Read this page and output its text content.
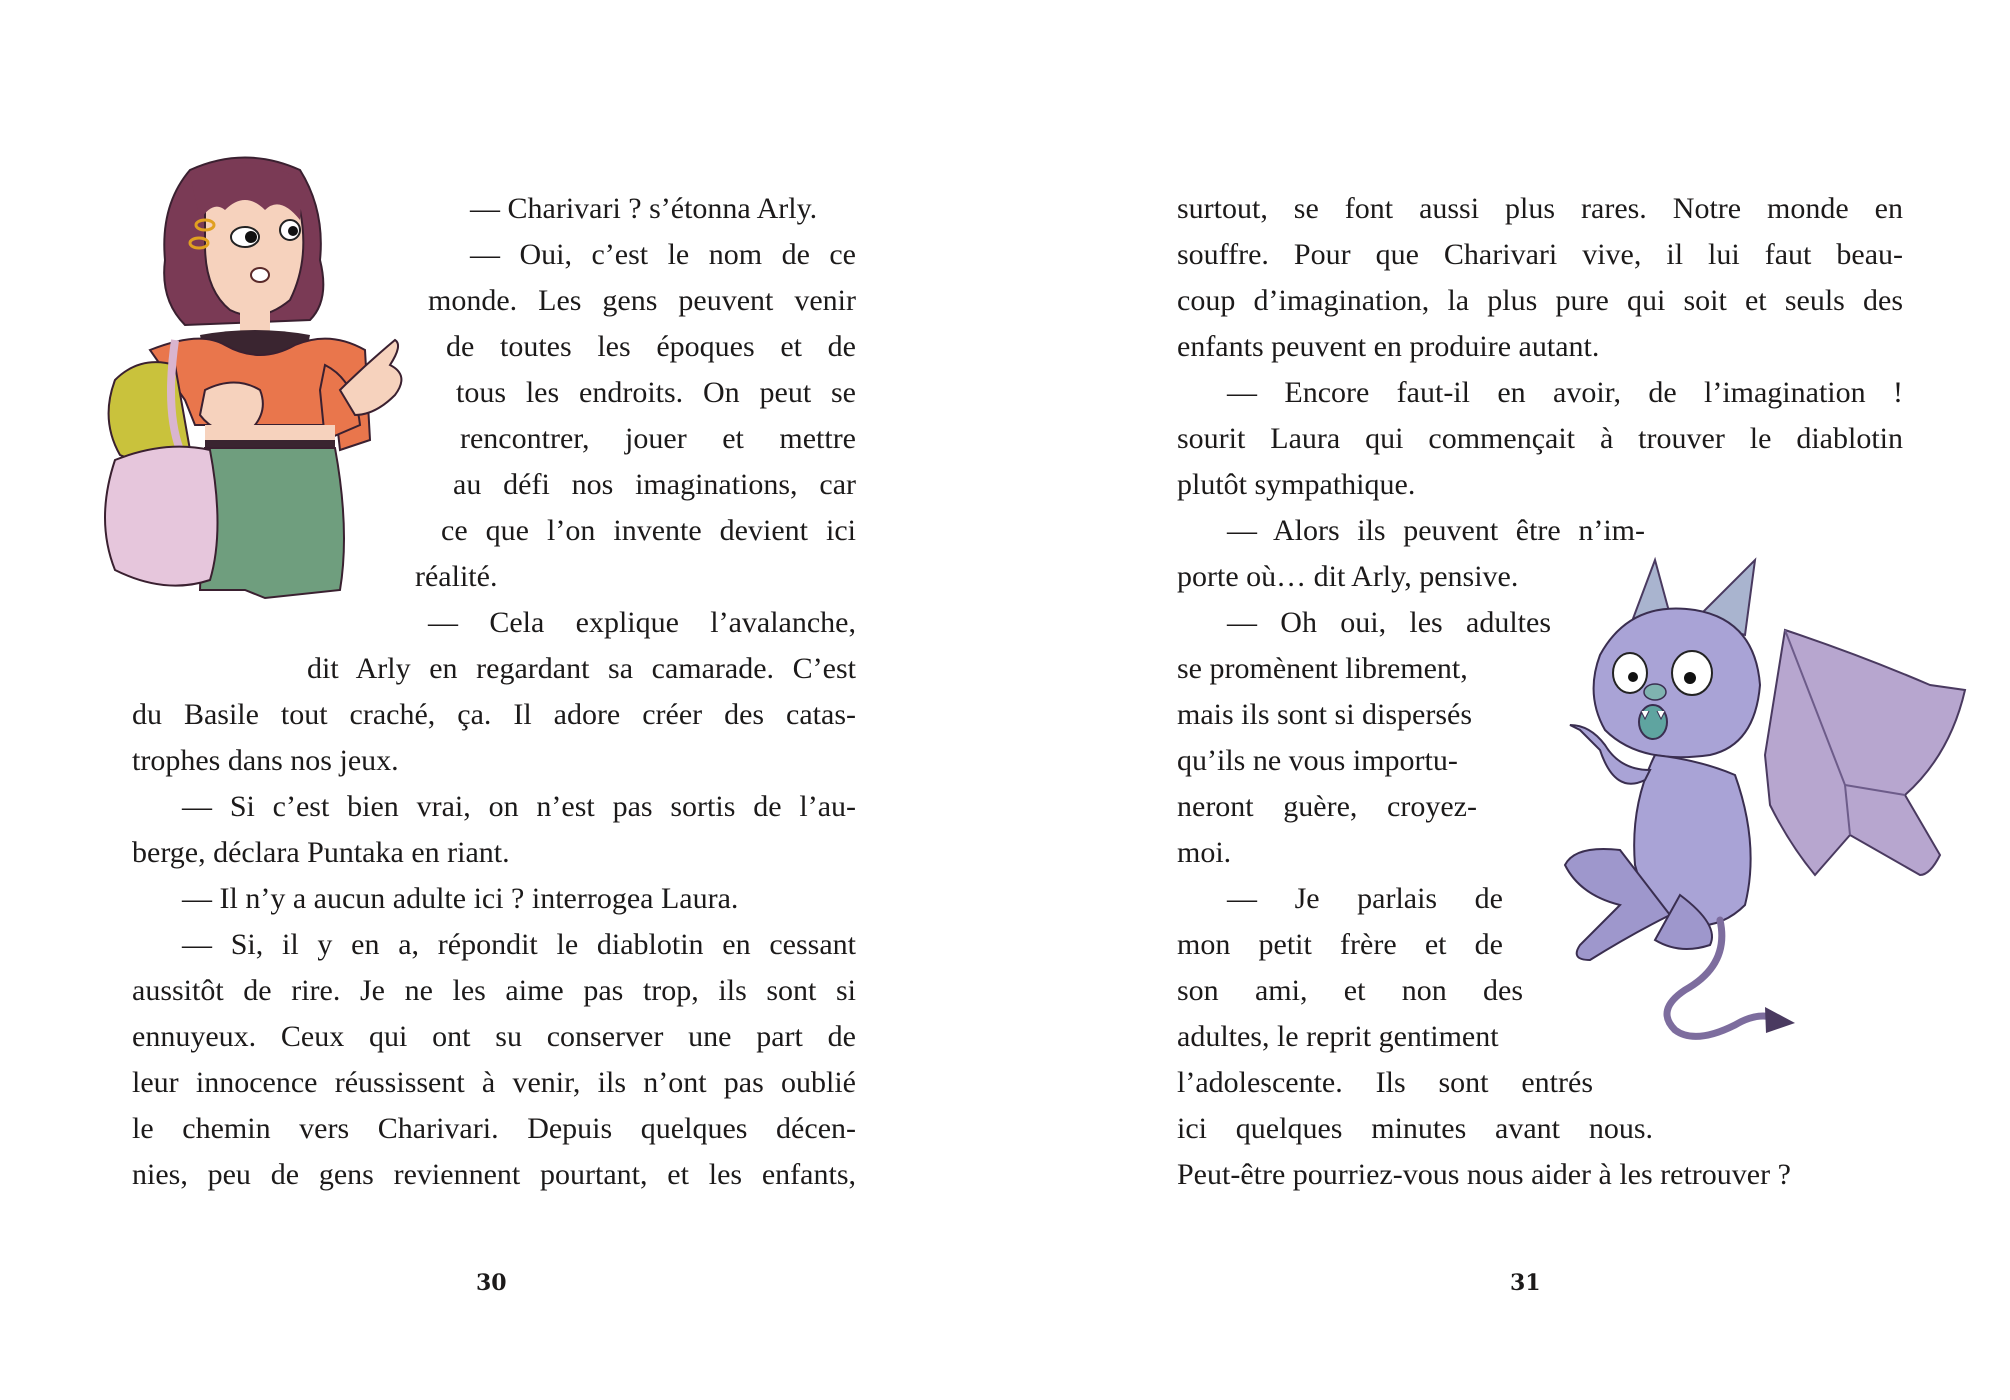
— Charivari ? s’étonna Arly.
— Oui, c’est le nom de ce
monde. Les gens peuvent venir
de toutes les époques et de
tous les endroits. On peut se
rencontrer, jouer et mettre
au défi nos imaginations, car
ce que l’on invente devient ici
réalité.
— Cela explique l’avalanche,
dit Arly en regardant sa camarade. C’est
du Basile tout craché, ça. Il adore créer des catas-
trophes dans nos jeux.
— Si c’est bien vrai, on n’est pas sortis de l’au-
berge, déclara Puntaka en riant.
— Il n’y a aucun adulte ici ? interrogea Laura.
— Si, il y en a, répondit le diablotin en cessant
aussitôt de rire. Je ne les aime pas trop, ils sont si
ennuyeux. Ceux qui ont su conserver une part de
leur innocence réussissent à venir, ils n’ont pas oublié
le chemin vers Charivari. Depuis quelques décen-
nies, peu de gens reviennent pourtant, et les enfants,
30
surtout, se font aussi plus rares. Notre monde en
souffre. Pour que Charivari vive, il lui faut beau-
coup d’imagination, la plus pure qui soit et seuls des
enfants peuvent en produire autant.
— Encore faut-il en avoir, de l’imagination !
sourit Laura qui commençait à trouver le diablotin
plutôt sympathique.
— Alors ils peuvent être n’im-
porte où… dit Arly, pensive.
— Oh oui, les adultes
se promènent librement,
mais ils sont si dispersés
qu’ils ne vous importu-
neront guère, croyez-
moi.
— Je parlais de
mon petit frère et de
son ami, et non des
adultes, le reprit gentiment
l’adolescente. Ils sont entrés
ici quelques minutes avant nous.
Peut-être pourriez-vous nous aider à les retrouver ?
31
